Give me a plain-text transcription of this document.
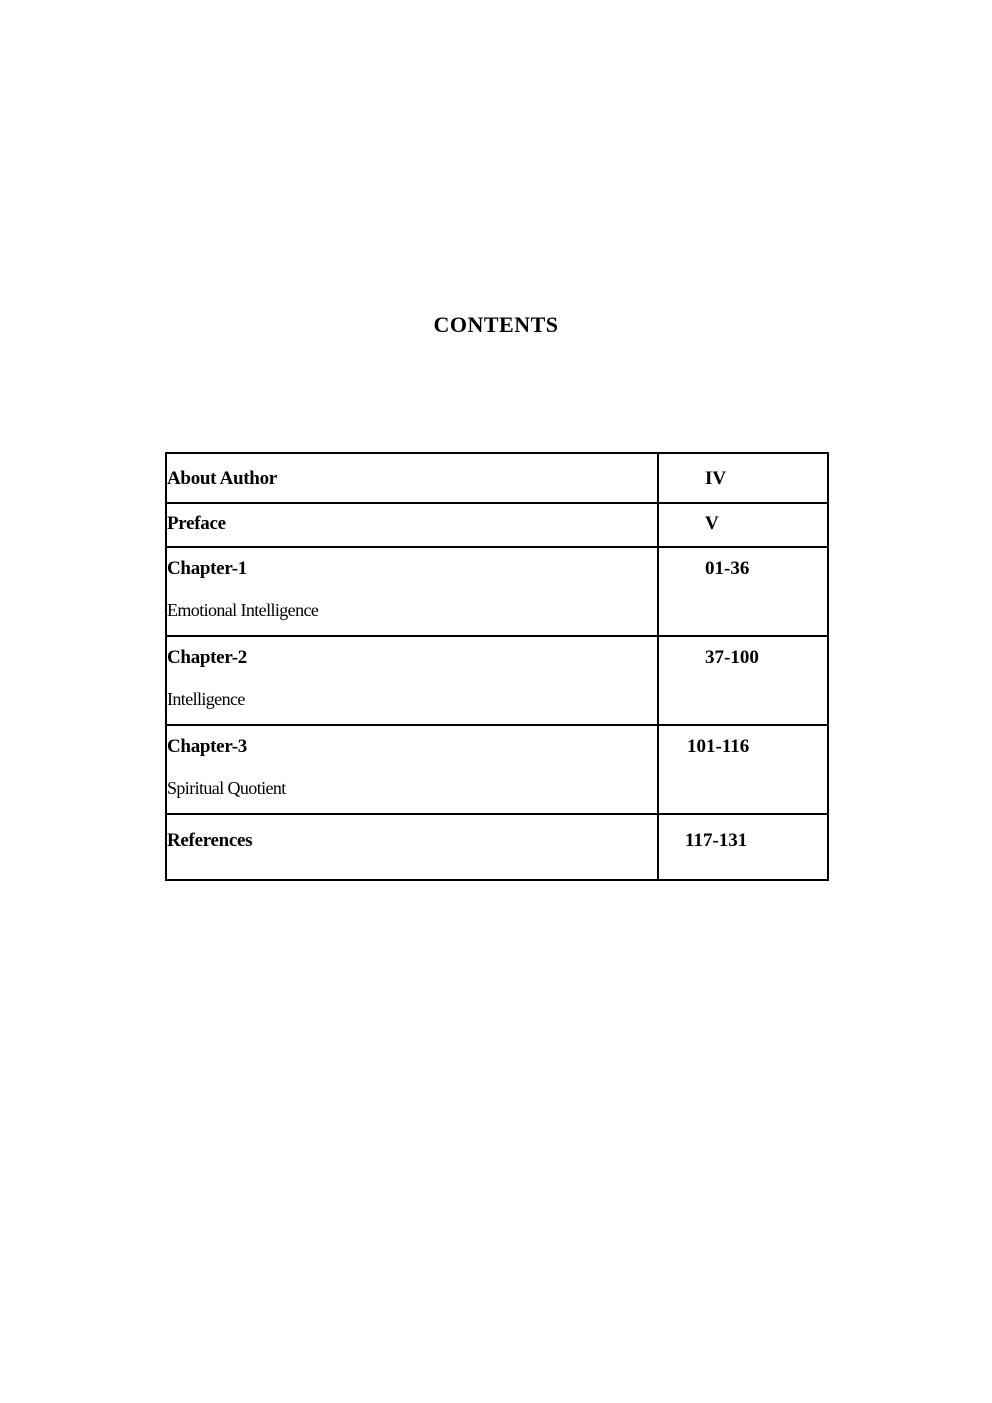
CONTENTS
About Author	IV

Preface	V

Chapter-1
Emotional Intelligence	01-36

Chapter-2
Intelligence	37-100

Chapter-3
Spiritual Quotient	101-116

References	117-131
